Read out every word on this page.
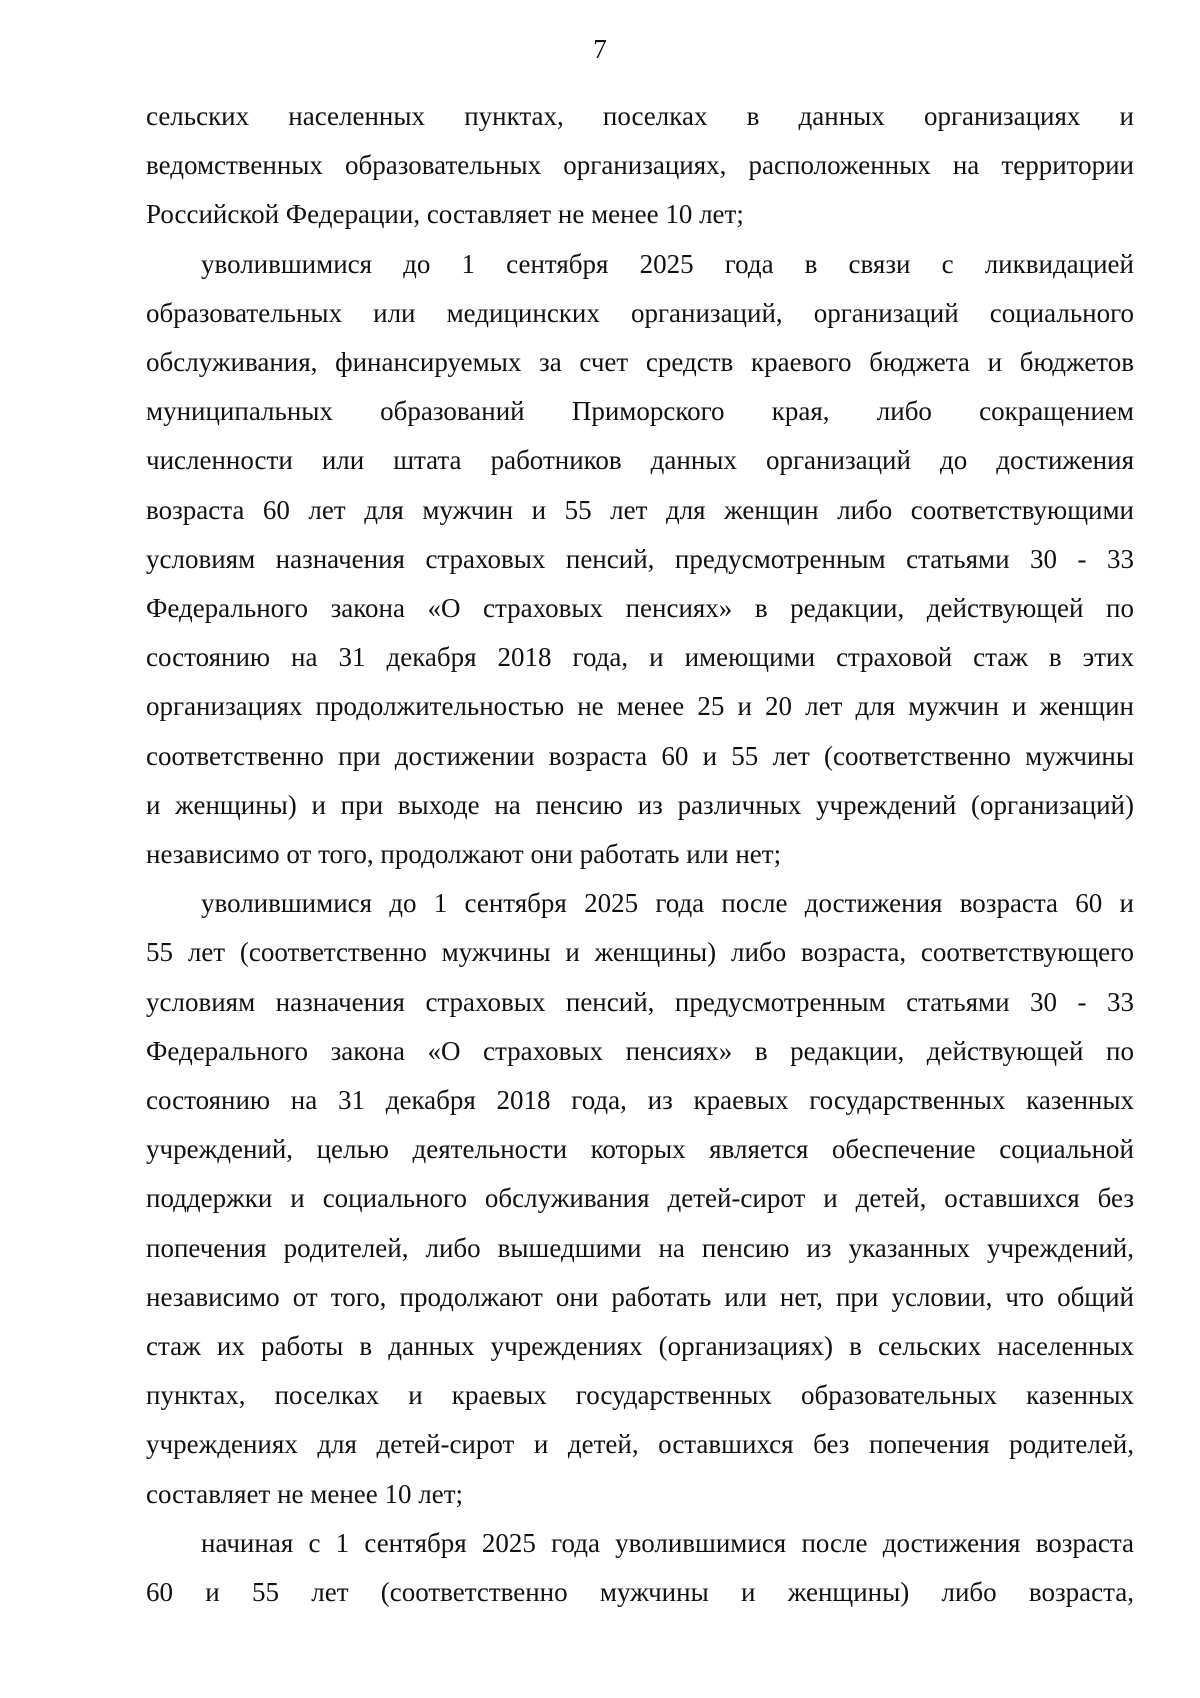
7

сельских населенных пунктах, поселках в данных организациях и
ведомственных образовательных организациях, расположенных на территории
Российской Федерации, составляет не менее 10 лет;

уволившимися до 1 сентября 2025 года в связи с ликвидацией
образовательных или медицинских организаций, организаций социального
обслуживания, финансируемых за счет средств краевого бюджета и бюджетов
муниципальных образований Приморского края, либо сокращением
численности или штата работников данных организаций до достижения
возраста 60 лет для мужчин и 55 лет для женщин либо соответствующими
условиям назначения страховых пенсий, предусмотренным статьями 30 - 33
Федерального закона «О страховых пенсиях» в редакции, действующей по
состоянию на 31 декабря 2018 года, и имеющими страховой стаж в этих
организациях продолжительностью не менее 25 и 20 лет для мужчин и женщин
соответственно при достижении возраста 60 и 55 лет (соответственно мужчины
и женщины) и при выходе на пенсию из различных учреждений (организаций)
независимо от того, продолжают они работать или нет;

уволившимися до 1 сентября 2025 года после достижения возраста 60 и
55 лет (соответственно мужчины и женщины) либо возраста, соответствующего
условиям назначения страховых пенсий, предусмотренным статьями 30 - 33
Федерального закона «О страховых пенсиях» в редакции, действующей по
состоянию на 31 декабря 2018 года, из краевых государственных казенных
учреждений, целью деятельности которых является обеспечение социальной
поддержки и социального обслуживания детей-сирот и детей, оставшихся без
попечения родителей, либо вышедшими на пенсию из указанных учреждений,
независимо от того, продолжают они работать или нет, при условии, что общий
стаж их работы в данных учреждениях (организациях) в сельских населенных
пунктах, поселках и краевых государственных образовательных казенных
учреждениях для детей-сирот и детей, оставшихся без попечения родителей,
составляет не менее 10 лет;

начиная с 1 сентября 2025 года уволившимися после достижения возраста
60 и 55 лет (соответственно мужчины и женщины) либо возраста,
